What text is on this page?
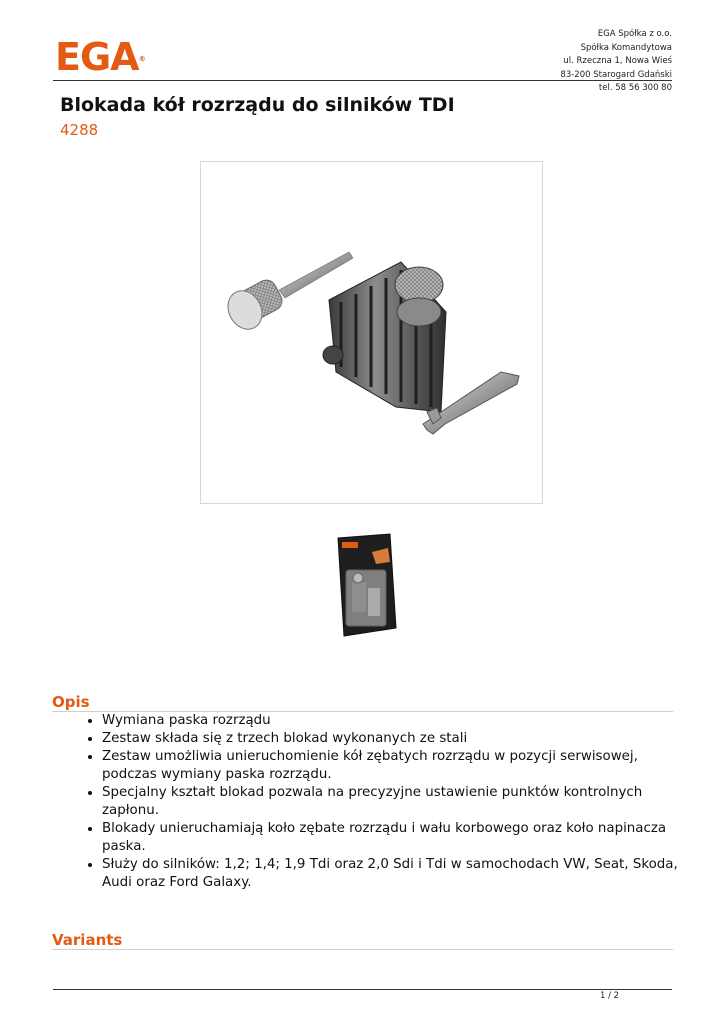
EGA®
EGA Spółka z o.o.
Spółka Komandytowa
ul. Rzeczna 1, Nowa Wieś
83-200 Starogard Gdański
tel. 58 56 300 80
Blokada kół rozrządu do silników TDI
4288
Opis
• Wymiana paska rozrządu
• Zestaw składa się z trzech blokad wykonanych ze stali
• Zestaw umożliwia unieruchomienie kół zębatych rozrządu w pozycji serwisowej, podczas wymiany paska rozrządu.
• Specjalny kształt blokad pozwala na precyzyjne ustawienie punktów kontrolnych zapłonu.
• Blokady unieruchamiają koło zębate rozrządu i wału korbowego oraz koło napinacza paska.
• Służy do silników: 1,2; 1,4; 1,9 Tdi oraz 2,0 Sdi i Tdi w samochodach VW, Seat, Skoda, Audi oraz Ford Galaxy.
Variants
1 / 2
